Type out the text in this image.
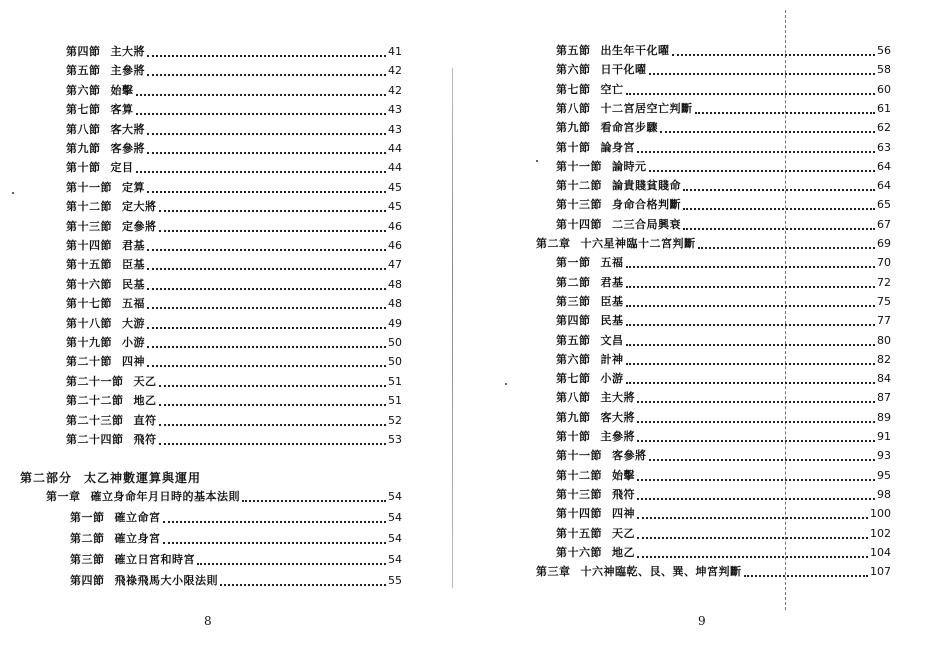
第四節 主大將	41
第五節 主參將	42
第六節 始擊	42
第七節 客算	43
第八節 客大將	43
第九節 客參將	44
第十節 定目	44
第十一節 定算	45
第十二節 定大將	45
第十三節 定參將	46
第十四節 君基	46
第十五節 臣基	47
第十六節 民基	48
第十七節 五福	48
第十八節 大游	49
第十九節 小游	50
第二十節 四神	50
第二十一節 天乙	51
第二十二節 地乙	51
第二十三節 直符	52
第二十四節 飛符	53
第二部分 太乙神數運算與運用
第一章 確立身命年月日時的基本法則	54
第一節 確立命宮	54
第二節 確立身宮	54
第三節 確立日宮和時宮	54
第四節 飛祿飛馬大小限法則	55
8
第五節 出生年干化曜	56
第六節 日干化曜	58
第七節 空亡	60
第八節 十二宮居空亡判斷	61
第九節 看命宮步驟	62
第十節 論身宮	63
第十一節 論時元	64
第十二節 論貴賤貧賤命	64
第十三節 身命合格判斷	65
第十四節 二三合局興衰	67
第二章 十六星神臨十二宮判斷	69
第一節 五福	70
第二節 君基	72
第三節 臣基	75
第四節 民基	77
第五節 文昌	80
第六節 計神	82
第七節 小游	84
第八節 主大將	87
第九節 客大將	89
第十節 主參將	91
第十一節 客參將	93
第十二節 始擊	95
第十三節 飛符	98
第十四節 四神	100
第十五節 天乙	102
第十六節 地乙	104
第三章 十六神臨乾、艮、巽、坤宮判斷	107
9
